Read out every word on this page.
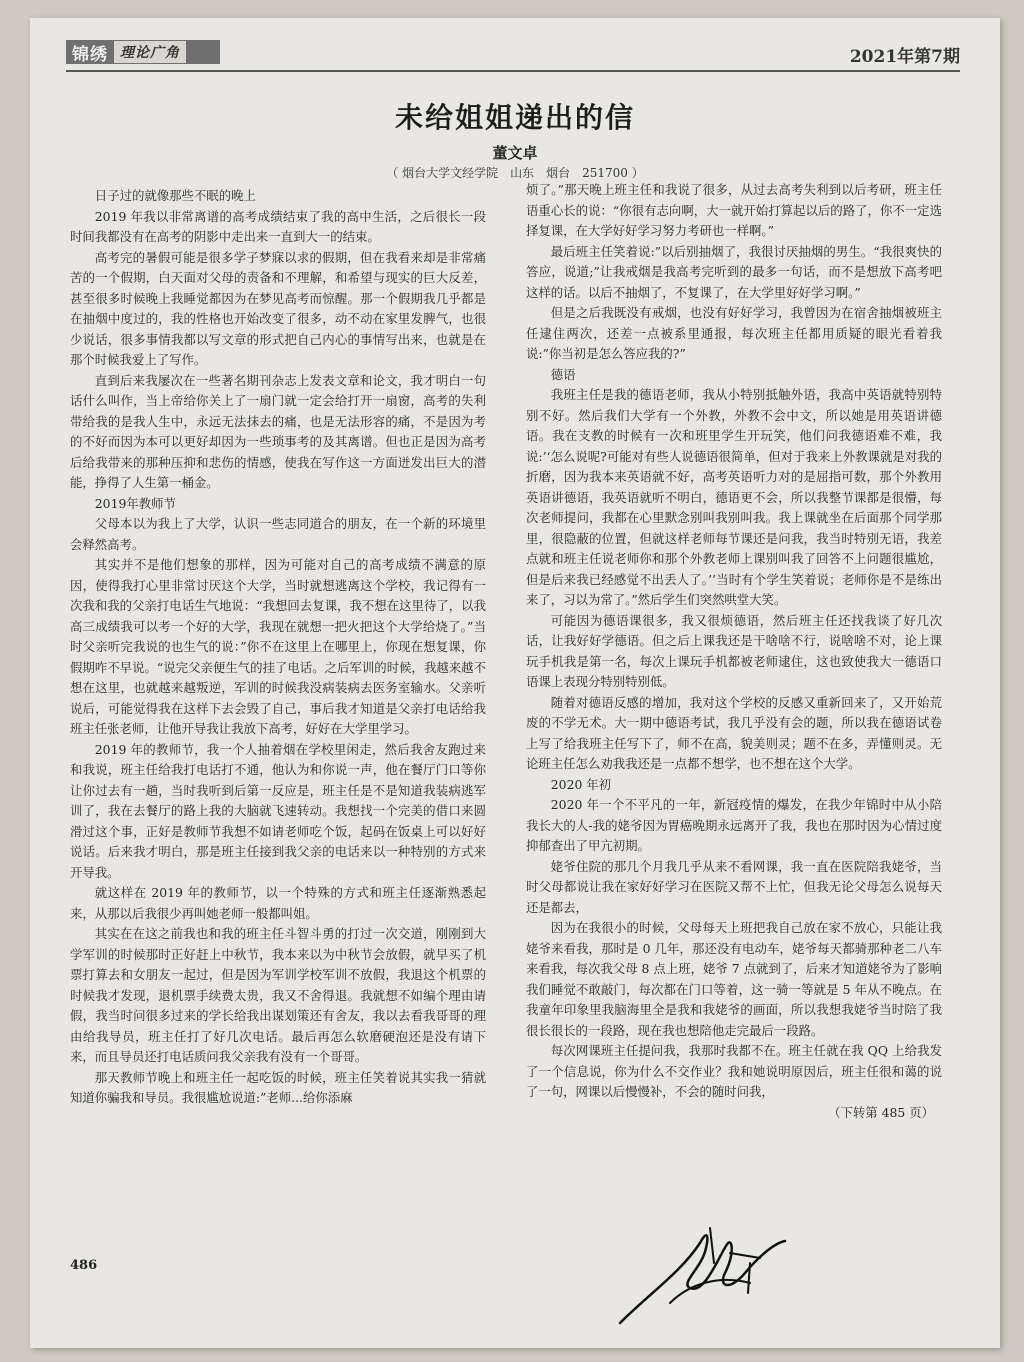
锦绣 理论广角	2021年第7期
未给姐姐递出的信
董文卓
（ 烟台大学文经学院　山东　烟台　251700 ）

日子过的就像那些不眠的晚上

2019 年我以非常离谱的高考成绩结束了我的高中生活，之后很长一段时间我都没有在高考的阴影中走出来一直到大一的结束。

高考完的暑假可能是很多学子梦寐以求的假期，但在我看来却是非常痛苦的一个假期，白天面对父母的责备和不理解，和希望与现实的巨大反差，甚至很多时候晚上我睡觉都因为在梦见高考而惊醒。那一个假期我几乎都是在抽烟中度过的，我的性格也开始改变了很多，动不动在家里发脾气，也很少说话，很多事情我都以写文章的形式把自己内心的事情写出来，也就是在那个时候我爱上了写作。

直到后来我屡次在一些著名期刊杂志上发表文章和论文，我才明白一句话什么叫作，当上帝给你关上了一扇门就一定会给打开一扇窗，高考的失利带给我的是我人生中，永远无法抹去的痛，也是无法形容的痛，不是因为考的不好而因为本可以更好却因为一些琐事考的及其离谱。但也正是因为高考后给我带来的那种压抑和悲伤的情感，使我在写作这一方面迸发出巨大的潜能，挣得了人生第一桶金。

2019年教师节

父母本以为我上了大学，认识一些志同道合的朋友，在一个新的环境里会释然高考。

其实并不是他们想象的那样，因为可能对自己的高考成绩不满意的原因，使得我打心里非常讨厌这个大学，当时就想逃离这个学校，我记得有一次我和我的父亲打电话生气地说：“我想回去复课，我不想在这里待了，以我高三成绩我可以考一个好的大学，我现在就想一把火把这个大学给烧了。”当时父亲听完我说的也生气的说：”你不在这里上在哪里上，你现在想复课，你假期咋不早说。“说完父亲便生气的挂了电话。之后军训的时候，我越来越不想在这里，也就越来越叛逆，军训的时候我没病装病去医务室输水。父亲听说后，可能觉得我在这样下去会毁了自己，事后我才知道是父亲打电话给我班主任张老师，让他开导我让我放下高考，好好在大学里学习。

2019 年的教师节，我一个人抽着烟在学校里闲走，然后我舍友跑过来和我说，班主任给我打电话打不通，他认为和你说一声，他在餐厅门口等你让你过去有一趟，当时我听到后第一反应是，班主任是不是知道我装病逃军训了，我在去餐厅的路上我的大脑就飞速转动。我想找一个完美的借口来圆滑过这个事，正好是教师节我想不如请老师吃个饭，起码在饭桌上可以好好说话。后来我才明白，那是班主任接到我父亲的电话来以一种特别的方式来开导我。

就这样在 2019 年的教师节，以一个特殊的方式和班主任逐渐熟悉起来，从那以后我很少再叫她老师一般都叫姐。

其实在在这之前我也和我的班主任斗智斗勇的打过一次交道，刚刚到大学军训的时候那时正好赶上中秋节，我本来以为中秋节会放假，就早买了机票打算去和女朋友一起过，但是因为军训学校军训不放假，我退这个机票的时候我才发现，退机票手续费太贵，我又不舍得退。我就想不如编个理由请假，我当时问很多过来的学长给我出谋划策还有舍友，我以去看我哥哥的理由给我导员，班主任打了好几次电话。最后再怎么软磨硬泡还是没有请下来，而且导员还打电话质问我父亲我有没有一个哥哥。

那天教师节晚上和班主任一起吃饭的时候，班主任笑着说其实我一猜就知道你骗我和导员。我很尴尬说道:”老师...给你添麻

烦了。”那天晚上班主任和我说了很多，从过去高考失利到以后考研，班主任语重心长的说：“你很有志向啊，大一就开始打算起以后的路了，你不一定选择复课，在大学好好学习努力考研也一样啊。”

最后班主任笑着说:”以后别抽烟了，我很讨厌抽烟的男生。“我很爽快的答应，说道;”让我戒烟是我高考完听到的最多一句话，而不是想放下高考吧这样的话。以后不抽烟了，不复课了，在大学里好好学习啊。”

但是之后我既没有戒烟，也没有好好学习，我曾因为在宿舍抽烟被班主任逮住两次，还差一点被系里通报，每次班主任都用质疑的眼光看着我说:”你当初是怎么答应我的?”

德语

我班主任是我的德语老师，我从小特别抵触外语，我高中英语就特别特别不好。然后我们大学有一个外教，外教不会中文，所以她是用英语讲德语。我在支教的时候有一次和班里学生开玩笑，他们问我德语难不难，我说:’‘怎么说呢?可能对有些人说德语很简单，但对于我来上外教课就是对我的折磨，因为我本来英语就不好，高考英语听力对的是屈指可数，那个外教用英语讲德语，我英语就听不明白，德语更不会，所以我整节课都是很懵，每次老师提问，我都在心里默念别叫我别叫我。我上课就坐在后面那个同学那里，很隐蔽的位置，但就这样老师每节课还是问我，我当时特别无语，我差点就和班主任说老师你和那个外教老师上课别叫我了回答不上问题很尴尬，但是后来我已经感觉不出丢人了。’’当时有个学生笑着说；老师你是不是练出来了，习以为常了。”然后学生们突然哄堂大笑。

可能因为德语课很多，我又很烦德语，然后班主任还找我谈了好几次话，让我好好学德语。但之后上课我还是干啥啥不行，说啥啥不对，论上课玩手机我是第一名，每次上课玩手机都被老师逮住，这也致使我大一德语口语课上表现分特别特别低。

随着对德语反感的增加，我对这个学校的反感又重新回来了，又开始荒废的不学无术。大一期中德语考试，我几乎没有会的题，所以我在德语试卷上写了给我班主任写下了，师不在高，貌美则灵；题不在多，弄懂则灵。无论班主任怎么劝我我还是一点都不想学，也不想在这个大学。

2020 年初

2020 年一个不平凡的一年，新冠疫情的爆发，在我少年锦时中从小陪我长大的人-我的姥爷因为胃癌晚期永远离开了我，我也在那时因为心情过度抑郁查出了甲亢初期。

姥爷住院的那几个月我几乎从来不看网课，我一直在医院陪我姥爷，当时父母都说让我在家好好学习在医院又帮不上忙，但我无论父母怎么说每天还是都去，

因为在我很小的时候，父母每天上班把我自己放在家不放心，只能让我姥爷来看我，那时是 0 几年，那还没有电动车，姥爷每天都骑那种老二八车来看我，每次我父母 8 点上班，姥爷 7 点就到了，后来才知道姥爷为了影响我们睡觉不敢敲门，每次都在门口等着，这一骑一等就是 5 年从不晚点。在我童年印象里我脑海里全是我和我姥爷的画面，所以我想我姥爷当时陪了我很长很长的一段路，现在我也想陪他走完最后一段路。

每次网课班主任提问我，我那时我都不在。班主任就在我 QQ 上给我发了一个信息说，你为什么不交作业？我和她说明原因后，班主任很和蔼的说了一句，网课以后慢慢补，不会的随时问我，

（下转第 485 页）

486
